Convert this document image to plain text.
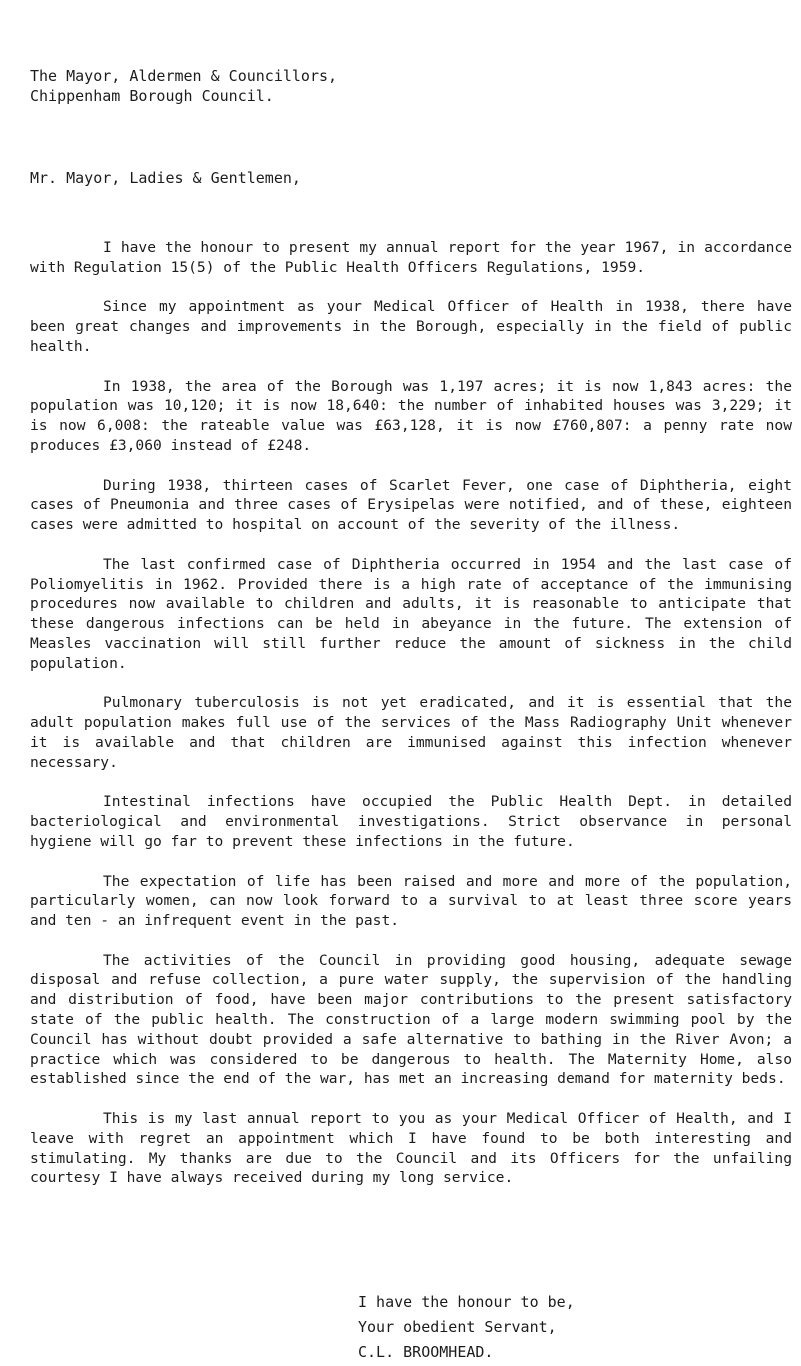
The Mayor, Aldermen & Councillors,
Chippenham Borough Council.
Mr. Mayor, Ladies & Gentlemen,

I have the honour to present my annual report for the year 1967, in accordance with Regulation 15(5) of the Public Health Officers Regulations, 1959.

Since my appointment as your Medical Officer of Health in 1938, there have been great changes and improvements in the Borough, especially in the field of public health.

In 1938, the area of the Borough was 1,197 acres; it is now 1,843 acres: the population was 10,120; it is now 18,640: the number of inhabited houses was 3,229; it is now 6,008: the rateable value was £63,128, it is now £760,807: a penny rate now produces £3,060 instead of £248.

During 1938, thirteen cases of Scarlet Fever, one case of Diphtheria, eight cases of Pneumonia and three cases of Erysipelas were notified, and of these, eighteen cases were admitted to hospital on account of the severity of the illness.

The last confirmed case of Diphtheria occurred in 1954 and the last case of Poliomyelitis in 1962. Provided there is a high rate of acceptance of the immunising procedures now available to children and adults, it is reasonable to anticipate that these dangerous infections can be held in abeyance in the future. The extension of Measles vaccination will still further reduce the amount of sickness in the child population.

Pulmonary tuberculosis is not yet eradicated, and it is essential that the adult population makes full use of the services of the Mass Radiography Unit whenever it is available and that children are immunised against this infection whenever necessary.

Intestinal infections have occupied the Public Health Dept. in detailed bacteriological and environmental investigations. Strict observance in personal hygiene will go far to prevent these infections in the future.

The expectation of life has been raised and more and more of the population, particularly women, can now look forward to a survival to at least three score years and ten - an infrequent event in the past.

The activities of the Council in providing good housing, adequate sewage disposal and refuse collection, a pure water supply, the supervision of the handling and distribution of food, have been major contributions to the present satisfactory state of the public health. The construction of a large modern swimming pool by the Council has without doubt provided a safe alternative to bathing in the River Avon; a practice which was considered to be dangerous to health. The Maternity Home, also established since the end of the war, has met an increasing demand for maternity beds.

This is my last annual report to you as your Medical Officer of Health, and I leave with regret an appointment which I have found to be both interesting and stimulating. My thanks are due to the Council and its Officers for the unfailing courtesy I have always received during my long service.

I have the honour to be,
Your obedient Servant,
C.L. BROOMHEAD.
